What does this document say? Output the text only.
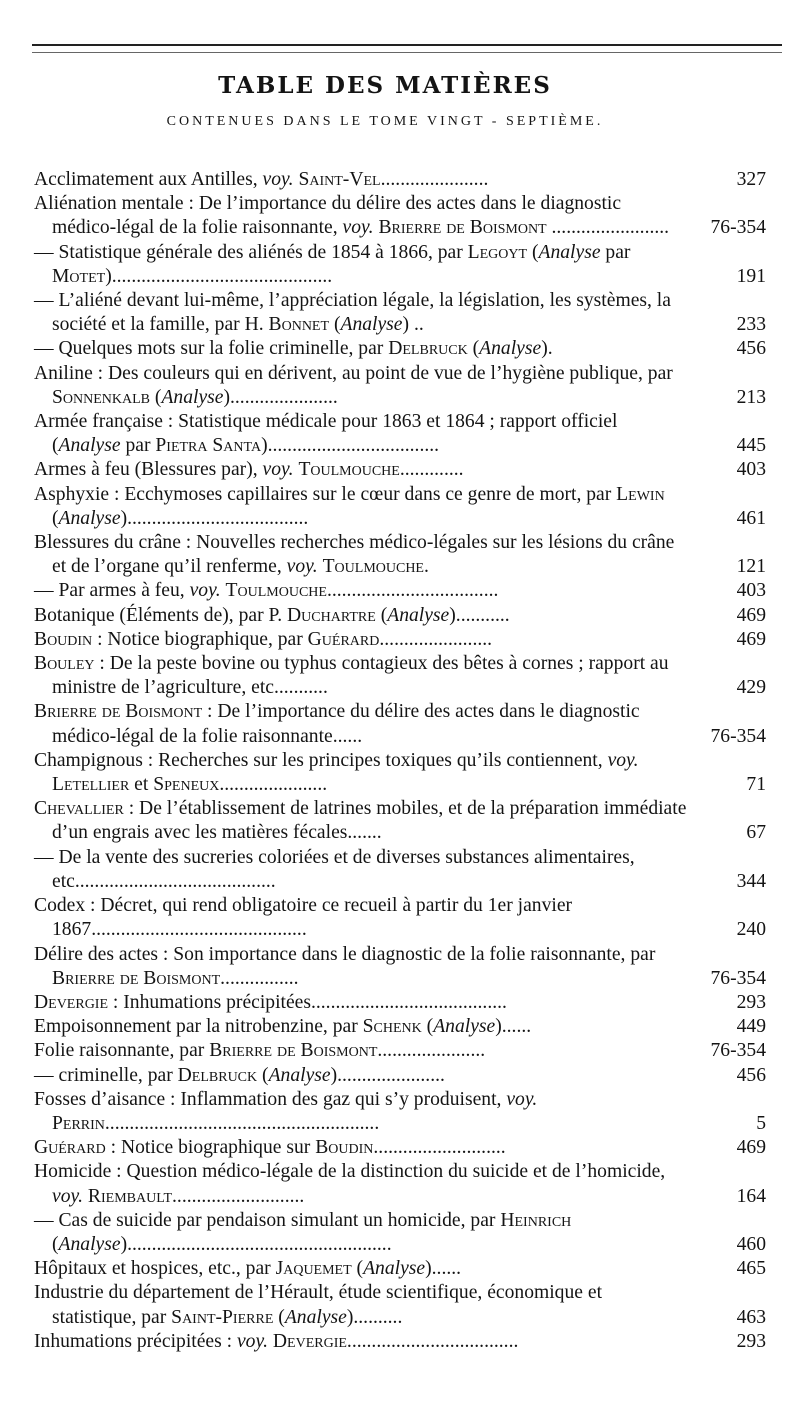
TABLE DES MATIÈRES
CONTENUES DANS LE TOME VINGT - SEPTIÈME.
Acclimatement aux Antilles, voy. Saint-Vel......................	327
Aliénation mentale : De l’importance du délire des actes dans le diagnostic médico-légal de la folie raisonnante, voy. Brierre de Boismont ........................	76-354
— Statistique générale des aliénés de 1854 à 1866, par Legoyt (Analyse par Motet).............................................	191
— L’aliéné devant lui-même, l’appréciation légale, la législation, les systèmes, la société et la famille, par H. Bonnet (Analyse) ..	233
— Quelques mots sur la folie criminelle, par Delbruck (Analyse).	456
Aniline : Des couleurs qui en dérivent, au point de vue de l’hygiène publique, par Sonnenkalb (Analyse)......................	213
Armée française : Statistique médicale pour 1863 et 1864 ; rapport officiel (Analyse par Pietra Santa)...................................	445
Armes à feu (Blessures par), voy. Toulmouche.............	403
Asphyxie : Ecchymoses capillaires sur le cœur dans ce genre de mort, par Lewin (Analyse).....................................	461
Blessures du crâne : Nouvelles recherches médico-légales sur les lésions du crâne et de l’organe qu’il renferme, voy. Toulmouche.	121
— Par armes à feu, voy. Toulmouche...................................	403
Botanique (Éléments de), par P. Duchartre (Analyse)...........	469
Boudin : Notice biographique, par Guérard.......................	469
Bouley : De la peste bovine ou typhus contagieux des bêtes à cornes ; rapport au ministre de l’agriculture, etc...........	429
Brierre de Boismont : De l’importance du délire des actes dans le diagnostic médico-légal de la folie raisonnante......	76-354
Champignous : Recherches sur les principes toxiques qu’ils contiennent, voy. Letellier et Speneux......................	71
Chevallier : De l’établissement de latrines mobiles, et de la préparation immédiate d’un engrais avec les matières fécales.......	67
— De la vente des sucreries coloriées et de diverses substances alimentaires, etc.........................................	344
Codex : Décret, qui rend obligatoire ce recueil à partir du 1er janvier 1867............................................	240
Délire des actes : Son importance dans le diagnostic de la folie raisonnante, par Brierre de Boismont................	76-354
Devergie : Inhumations précipitées........................................	293
Empoisonnement par la nitrobenzine, par Schenk (Analyse)......	449
Folie raisonnante, par Brierre de Boismont......................	76-354
— criminelle, par Delbruck (Analyse)......................	456
Fosses d’aisance : Inflammation des gaz qui s’y produisent, voy. Perrin........................................................	5
Guérard : Notice biographique sur Boudin...........................	469
Homicide : Question médico-légale de la distinction du suicide et de l’homicide, voy. Riembault...........................	164
— Cas de suicide par pendaison simulant un homicide, par Heinrich (Analyse)......................................................	460
Hôpitaux et hospices, etc., par Jaquemet (Analyse)......	465
Industrie du département de l’Hérault, étude scientifique, économique et statistique, par Saint-Pierre (Analyse)..........	463
Inhumations précipitées : voy. Devergie...................................	293
